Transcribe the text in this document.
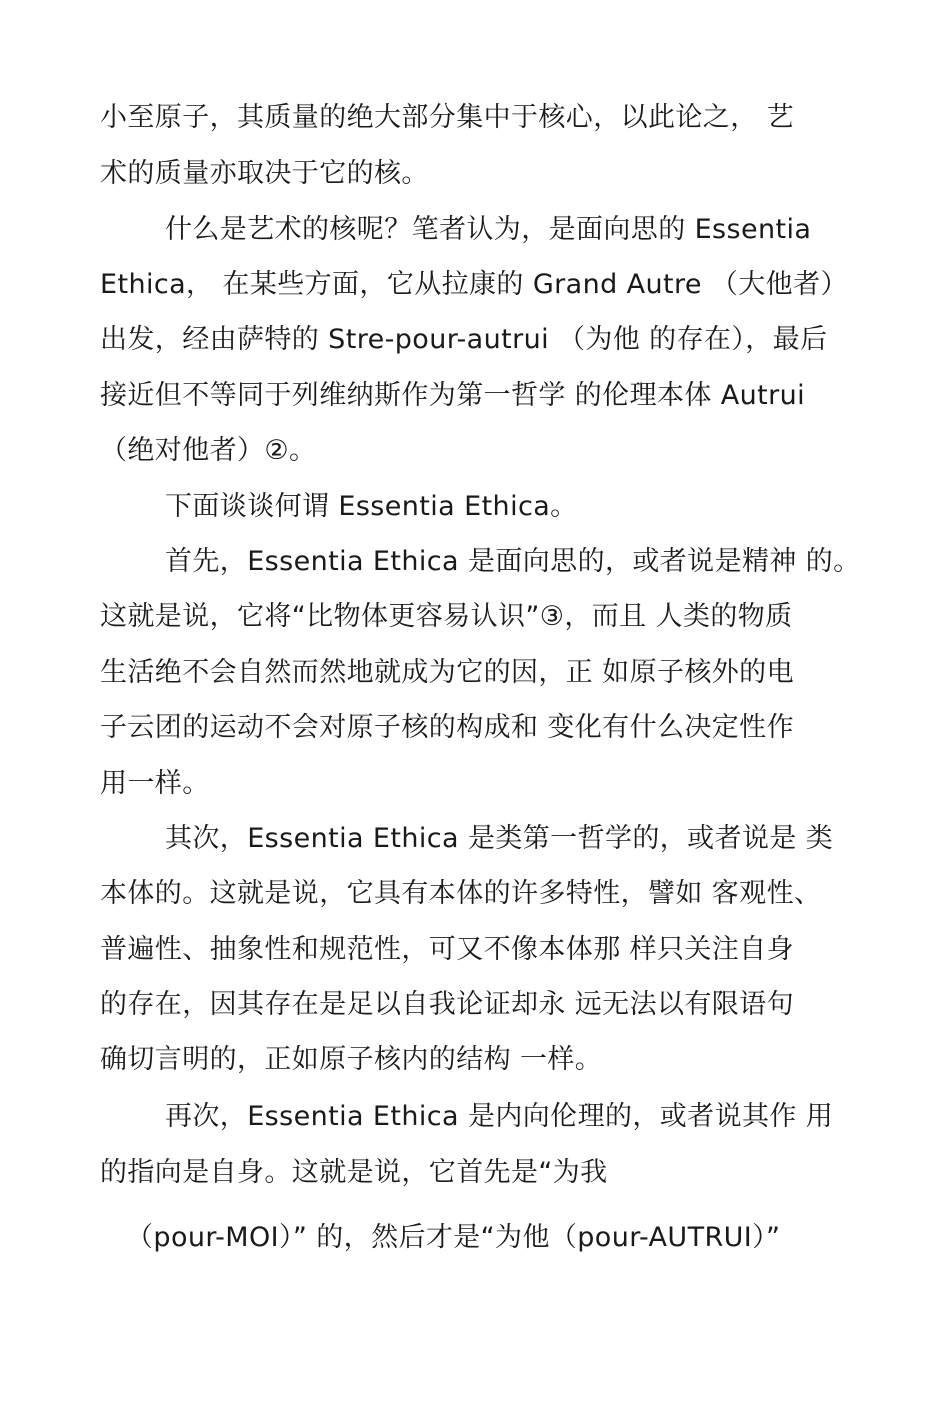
小至原子，其质量的绝大部分集中于核心，以此论之， 艺
术的质量亦取决于它的核。
什么是艺术的核呢？笔者认为，是面向思的 Essentia
Ethica， 在某些方面，它从拉康的 Grand Autre （大他者）
出发，经由萨特的 Stre-pour-autrui （为他 的存在），最后
接近但不等同于列维纳斯作为第一哲学 的伦理本体 Autrui
（绝对他者）②。
下面谈谈何谓 Essentia Ethica。
首先，Essentia Ethica 是面向思的，或者说是精神 的。
这就是说，它将“比物体更容易认识”③，而且 人类的物质
生活绝不会自然而然地就成为它的因，正 如原子核外的电
子云团的运动不会对原子核的构成和 变化有什么决定性作
用一样。
其次，Essentia Ethica 是类第一哲学的，或者说是 类
本体的。这就是说，它具有本体的许多特性，譬如 客观性、
普遍性、抽象性和规范性，可又不像本体那 样只关注自身
的存在，因其存在是足以自我论证却永 远无法以有限语句
确切言明的，正如原子核内的结构 一样。
再次，Essentia Ethica 是内向伦理的，或者说其作 用
的指向是自身。这就是说，它首先是“为我
（pour-MOI）” 的，然后才是“为他（pour-AUTRUI）”
